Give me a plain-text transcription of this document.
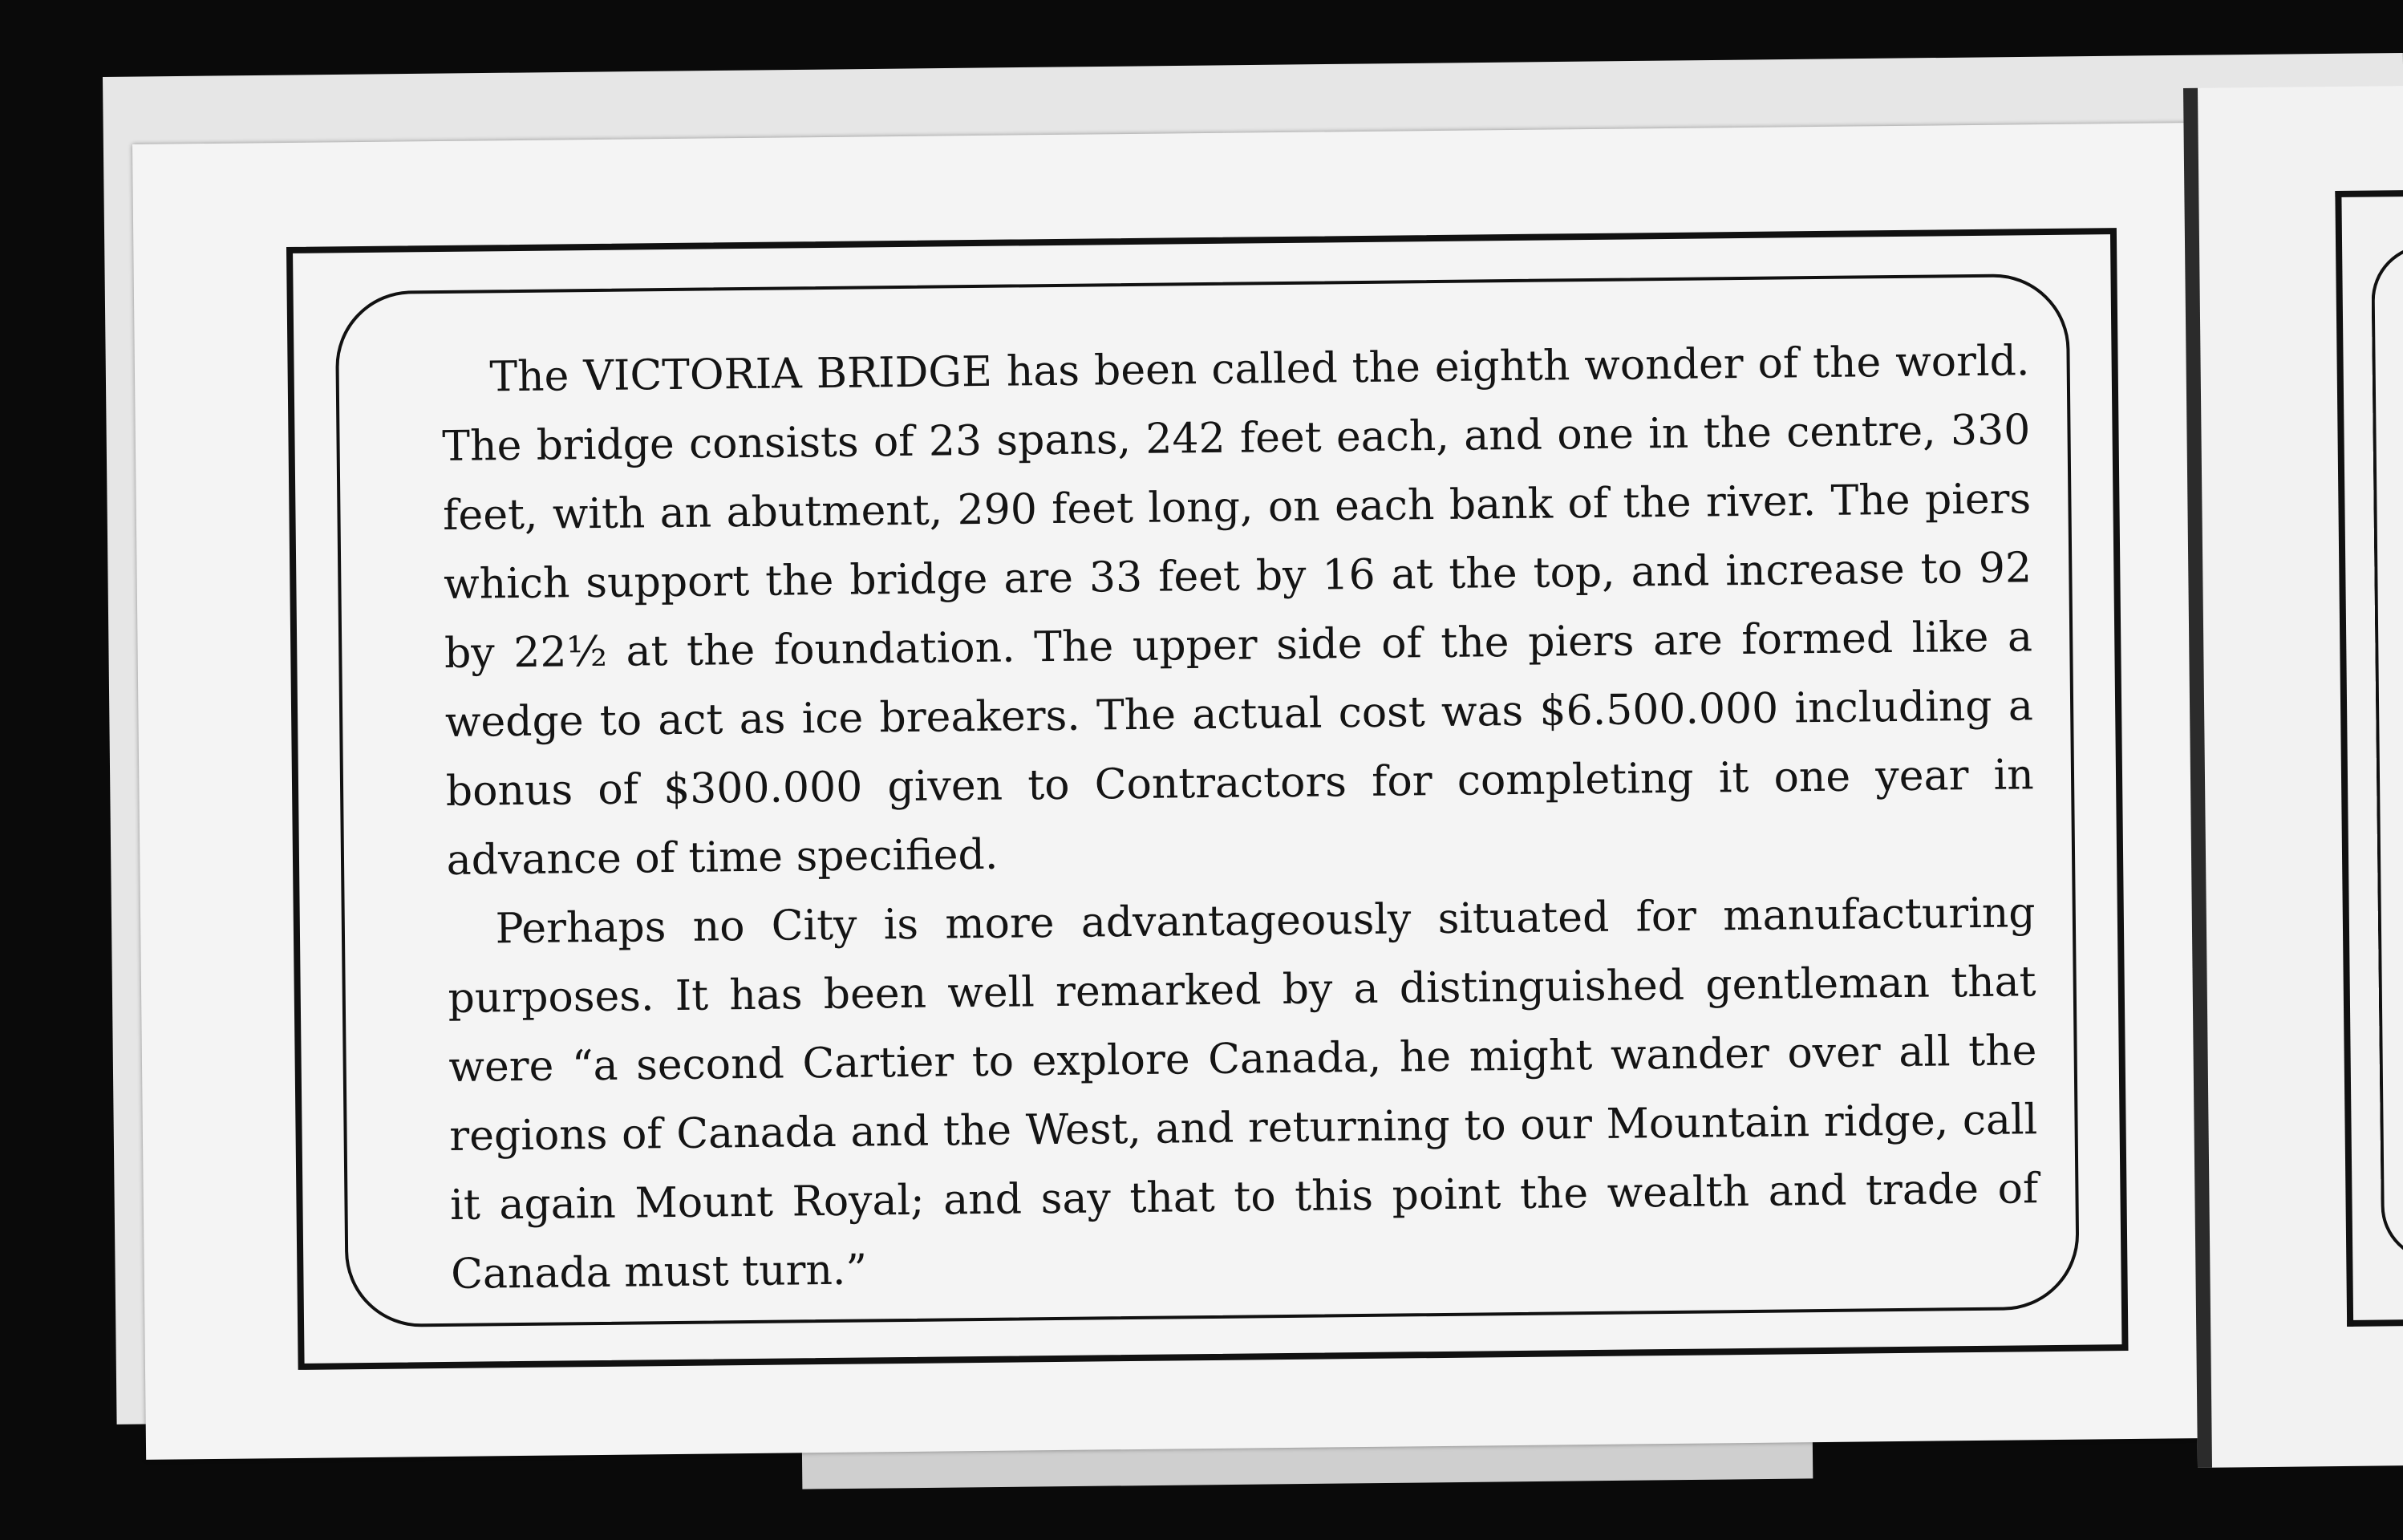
The VICTORIA BRIDGE has been called the eighth wonder of the world. The bridge consists of 23 spans, 242 feet each, and one in the centre, 330 feet, with an abutment, 290 feet long, on each bank of the river. The piers which support the bridge are 33 feet by 16 at the top, and increase to 92 by 22½ at the foundation. The upper side of the piers are formed like a wedge to act as ice breakers. The actual cost was $6.500.000 including a bonus of $300.000 given to Contractors for completing it one year in advance of time specified.

Perhaps no City is more advantageously situated for manufacturing purposes. It has been well remarked by a distinguished gentleman that were “a second Cartier to explore Canada, he might wander over all the regions of Canada and the West, and returning to our Mountain ridge, call it again Mount Royal; and say that to this point the wealth and trade of Canada must turn.”
